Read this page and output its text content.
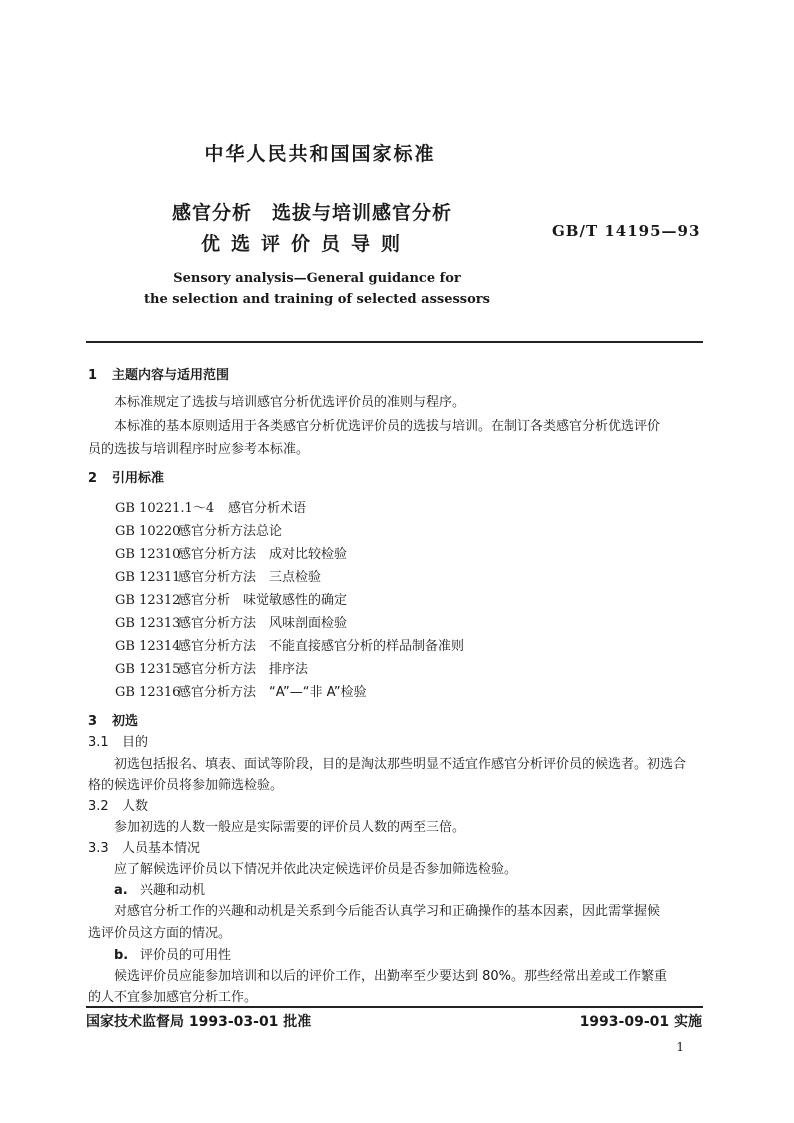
中华人民共和国国家标准
感官分析　选拔与培训感官分析
优选评价员导则
GB/T 14195—93
Sensory analysis—General guidance for
the selection and training of selected assessors
1 主题内容与适用范围
本标准规定了选拔与培训感官分析优选评价员的准则与程序。
本标准的基本原则适用于各类感官分析优选评价员的选拔与培训。在制订各类感官分析优选评价
员的选拔与培训程序时应参考本标准。
2 引用标准
GB 10221.1～4 感官分析术语
GB 10220感官分析方法总论
GB 12310感官分析方法　成对比较检验
GB 12311感官分析方法　三点检验
GB 12312感官分析　味觉敏感性的确定
GB 12313感官分析方法　风味剖面检验
GB 12314感官分析方法　不能直接感官分析的样品制备准则
GB 12315感官分析方法　排序法
GB 12316感官分析方法　“A”—“非 A”检验
3 初选
3.1 目的
初选包括报名、填表、面试等阶段，目的是淘汰那些明显不适宜作感官分析评价员的候选者。初选合
格的候选评价员将参加筛选检验。
3.2 人数
参加初选的人数一般应是实际需要的评价员人数的两至三倍。
3.3 人员基本情况
应了解候选评价员以下情况并依此决定候选评价员是否参加筛选检验。
a. 兴趣和动机
对感官分析工作的兴趣和动机是关系到今后能否认真学习和正确操作的基本因素，因此需掌握候
选评价员这方面的情况。
b. 评价员的可用性
候选评价员应能参加培训和以后的评价工作，出勤率至少要达到 80%。那些经常出差或工作繁重
国家技术监督局 1993-03-01 批准	1993-09-01 实施
1
的人不宜参加感官分析工作。
